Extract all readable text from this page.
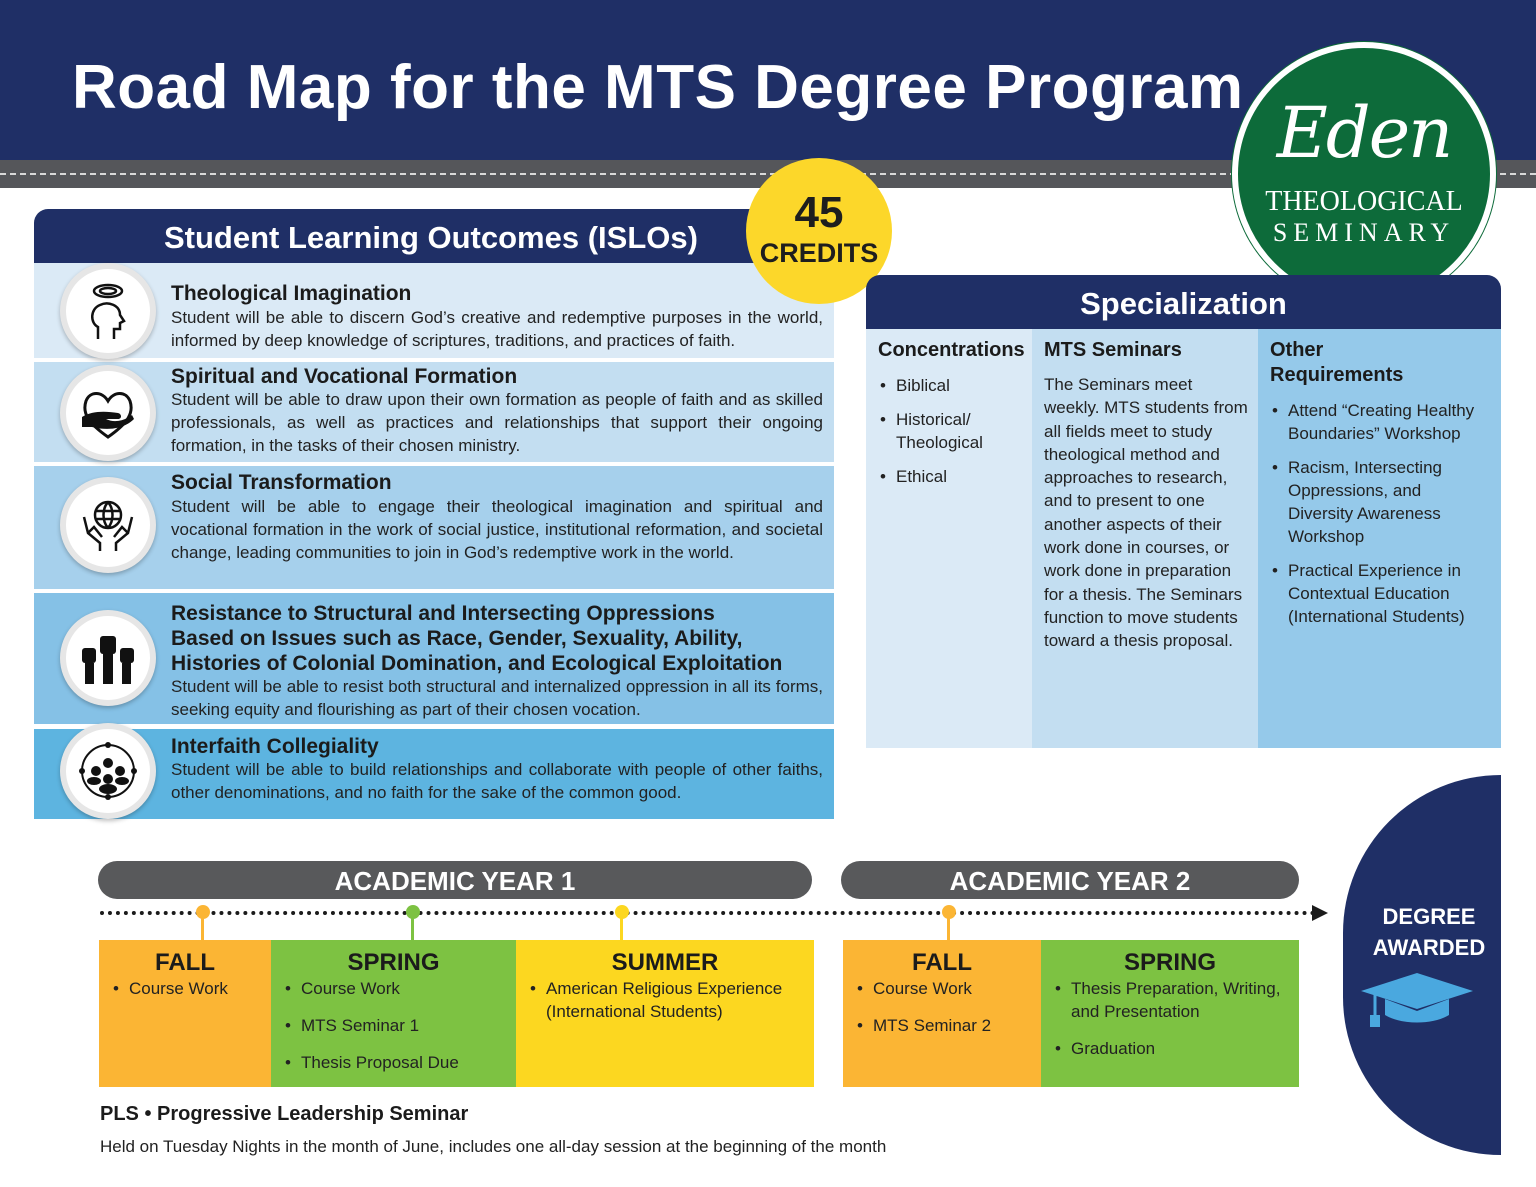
Road Map for the MTS Degree Program
Eden
THEOLOGICAL
SEMINARY
Student Learning Outcomes (ISLOs)
Theological Imagination
Student will be able to discern God’s creative and redemptive purposes in the world, informed by deep knowledge of scriptures, traditions, and practices of faith.
Spiritual and Vocational Formation
Student will be able to draw upon their own formation as people of faith and as skilled professionals, as well as practices and relationships that support their ongoing formation, in the tasks of their chosen ministry.
Social Transformation
Student will be able to engage their theological imagination and spiritual and vocational formation in the work of social justice, institutional reformation, and societal change, leading communities to join in God’s redemptive work in the world.
Resistance to Structural and Intersecting Oppressions
Based on Issues such as Race, Gender, Sexuality, Ability,
Histories of Colonial Domination, and Ecological Exploitation
Student will be able to resist both structural and internalized oppression in all its forms, seeking equity and flourishing as part of their chosen vocation.
Interfaith Collegiality
Student will be able to build relationships and collaborate with people of other faiths, other denominations, and no faith for the sake of the common good.
45
CREDITS
Specialization
Concentrations
• Biblical
• Historical/ Theological
• Ethical
MTS Seminars
The Seminars meet weekly. MTS students from all fields meet to study theological method and approaches to research, and to present to one another aspects of their work done in courses, or work done in preparation for a thesis. The Seminars function to move students toward a thesis proposal.
Other Requirements
• Attend “Creating Healthy Boundaries” Workshop
• Racism, Intersecting Oppressions, and Diversity Awareness Workshop
• Practical Experience in Contextual Education (International Students)
ACADEMIC YEAR 1	ACADEMIC YEAR 2
FALL
• Course Work
SPRING
• Course Work
• MTS Seminar 1
• Thesis Proposal Due
SUMMER
• American Religious Experience (International Students)
FALL
• Course Work
• MTS Seminar 2
SPRING
• Thesis Preparation, Writing, and Presentation
• Graduation
DEGREE
AWARDED
PLS • Progressive Leadership Seminar
Held on Tuesday Nights in the month of June, includes one all-day session at the beginning of the month
